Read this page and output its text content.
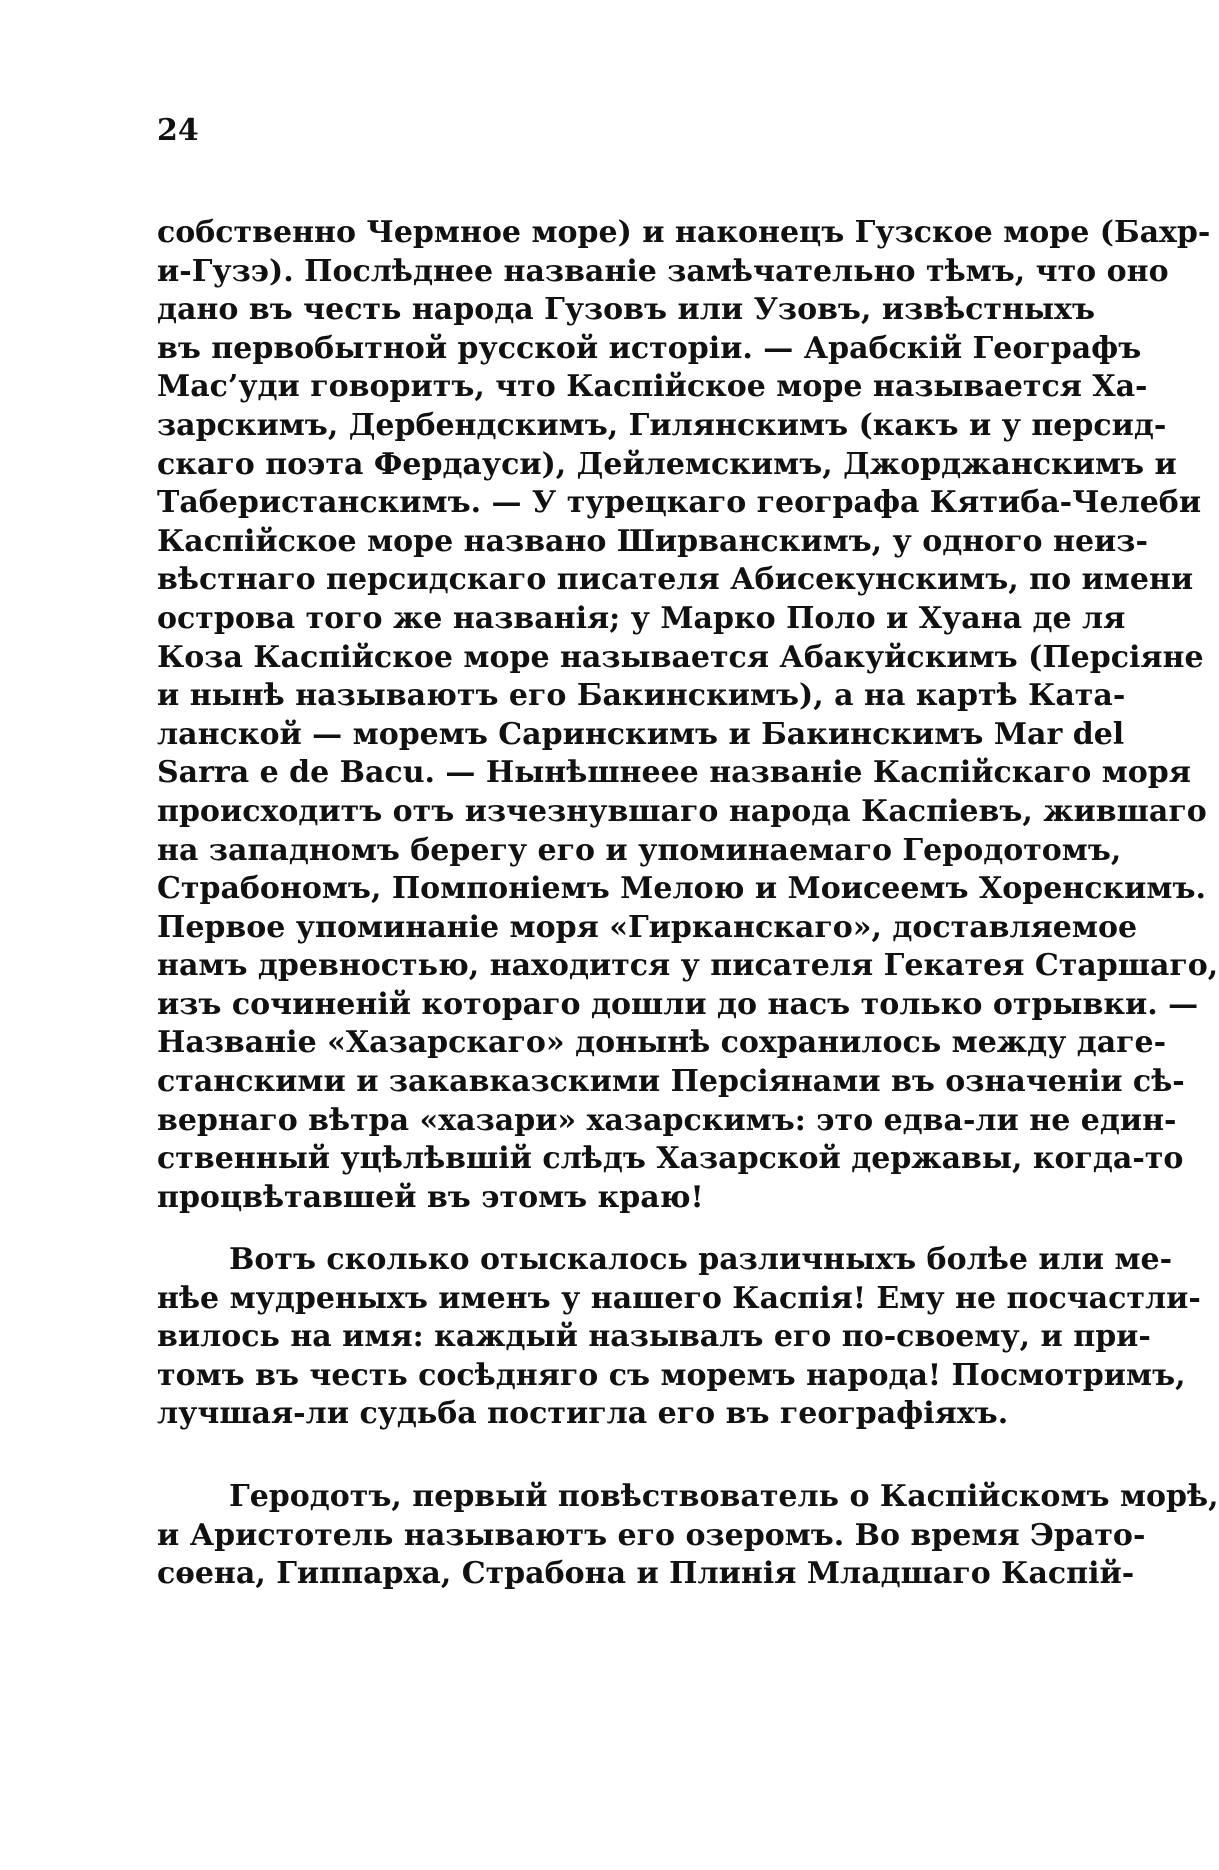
24
собственно Чермное море) и наконецъ Гузское море (Бахр-
и-Гузэ). Послѣднее названіе замѣчательно тѣмъ, что оно
дано въ честь народа Гузовъ или Узовъ, извѣстныхъ
въ первобытной русской исторіи. — Арабскій Географъ
Мас’уди говоритъ, что Каспійское море называется Ха-
зарскимъ, Дербендскимъ, Гилянскимъ (какъ и у персид-
скаго поэта Фердауси), Дейлемскимъ, Джорджанскимъ и
Таберистанскимъ. — У турецкаго географа Кятиба-Челеби
Каспійское море названо Ширванскимъ, у одного неиз-
вѣстнаго персидскаго писателя Абисекунскимъ, по имени
острова того же названія; у Марко Поло и Хуана де ля
Коза Каспійское море называется Абакуйскимъ (Персіяне
и нынѣ называютъ его Бакинскимъ), а на картѣ Ката-
ланской — моремъ Саринскимъ и Бакинскимъ Mar del
Sarra e de Bacu. — Нынѣшнеее названіе Каспійскаго моря
происходитъ отъ изчезнувшаго народа Каспіевъ, жившаго
на западномъ берегу его и упоминаемаго Геродотомъ,
Страбономъ, Помпоніемъ Мелою и Моисеемъ Хоренскимъ.
Первое упоминаніе моря «Гирканскаго», доставляемое
намъ древностью, находится у писателя Гекатея Старшаго,
изъ сочиненій котораго дошли до насъ только отрывки. —
Названіе «Хазарскаго» донынѣ сохранилось между даге-
станскими и закавказскими Персіянами въ означеніи сѣ-
вернаго вѣтра «хазари» хазарскимъ: это едва-ли не един-
ственный уцѣлѣвшій слѣдъ Хазарской державы, когда-то
процвѣтавшей въ этомъ краю!
Вотъ сколько отыскалось различныхъ болѣе или ме-
нѣе мудреныхъ именъ у нашего Каспія! Ему не посчастли-
вилось на имя: каждый называлъ его по-своему, и при-
томъ въ честь сосѣдняго съ моремъ народа! Посмотримъ,
лучшая-ли судьба постигла его въ географіяхъ.
Геродотъ, первый повѣствователь о Каспійскомъ морѣ,
и Аристотель называютъ его озеромъ. Во время Эрато-
сѳена, Гиппарха, Страбона и Плинія Младшаго Каспій-
